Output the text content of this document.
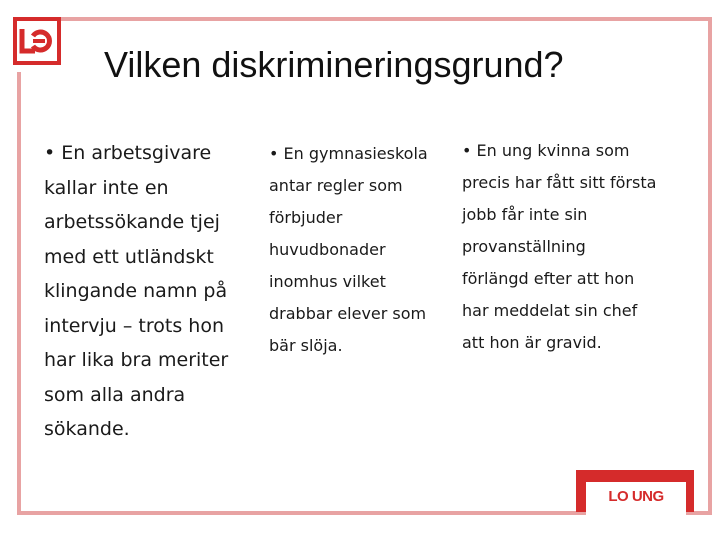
Vilken diskrimineringsgrund?
• En arbetsgivare
kallar inte en
arbetssökande tjej
med ett utländskt
klingande namn på
intervju – trots hon
har lika bra meriter
som alla andra
sökande.
• En gymnasieskola
antar regler som
förbjuder
huvudbonader
inomhus vilket
drabbar elever som
bär slöja.
• En ung kvinna som
precis har fått sitt första
jobb får inte sin
provanställning
förlängd efter att hon
har meddelat sin chef
att hon är gravid.
LO UNG
